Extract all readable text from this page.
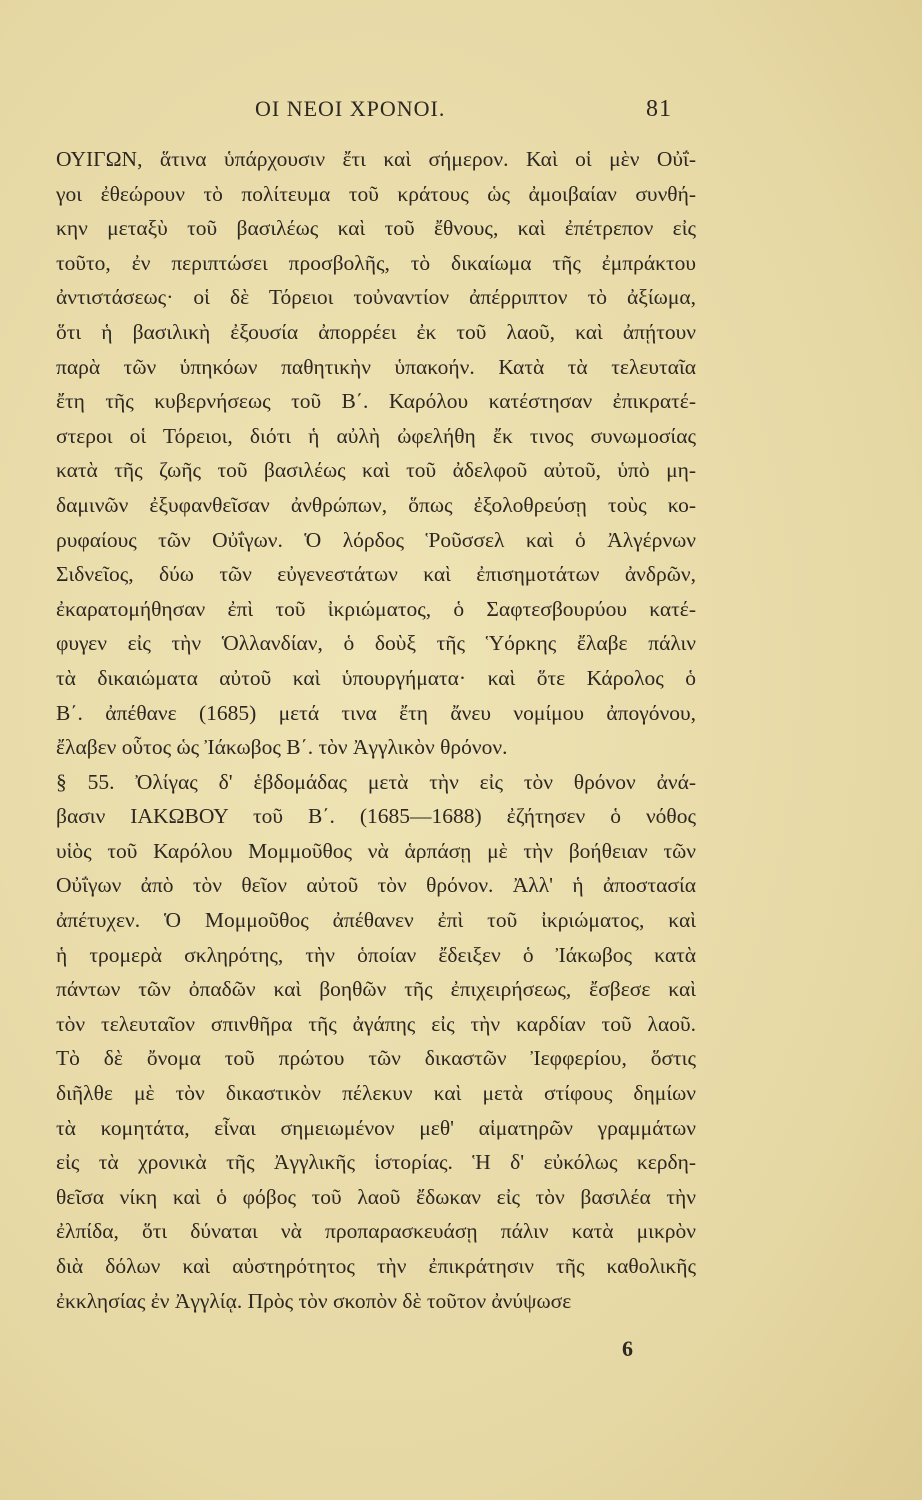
ΟΙ ΝΕΟΙ ΧΡΟΝΟΙ.	81
ΟΥΙΓΩΝ, ἅτινα ὑπάρχουσιν ἔτι καὶ σήμερον. Καὶ οἱ μὲν Οὐΐ-
γοι ἐθεώρουν τὸ πολίτευμα τοῦ κράτους ὡς ἀμοιβαίαν συνθή-
κην μεταξὺ τοῦ βασιλέως καὶ τοῦ ἔθνους, καὶ ἐπέτρεπον εἰς
τοῦτο, ἐν περιπτώσει προσβολῆς, τὸ δικαίωμα τῆς ἐμπράκτου
ἀντιστάσεως· οἱ δὲ Τόρειοι τοὐναντίον ἀπέρριπτον τὸ ἀξίωμα,
ὅτι ἡ βασιλικὴ ἐξουσία ἀπορρέει ἐκ τοῦ λαοῦ, καὶ ἀπῄτουν
παρὰ τῶν ὑπηκόων παθητικὴν ὑπακοήν. Κατὰ τὰ τελευταῖα
ἔτη τῆς κυβερνήσεως τοῦ Β΄. Καρόλου κατέστησαν ἐπικρατέ-
στεροι οἱ Τόρειοι, διότι ἡ αὐλὴ ὠφελήθη ἔκ τινος συνωμοσίας
κατὰ τῆς ζωῆς τοῦ βασιλέως καὶ τοῦ ἀδελφοῦ αὐτοῦ, ὑπὸ μη-
δαμινῶν ἐξυφανθεῖσαν ἀνθρώπων, ὅπως ἐξολοθρεύσῃ τοὺς κο-
ρυφαίους τῶν Οὐΐγων. Ὁ λόρδος Ῥοῦσσελ καὶ ὁ Ἀλγέρνων
Σιδνεῖος, δύω τῶν εὐγενεστάτων καὶ ἐπισημοτάτων ἀνδρῶν,
ἐκαρατομήθησαν ἐπὶ τοῦ ἰκριώματος, ὁ Σαφτεσβουρύου κατέ-
φυγεν εἰς τὴν Ὁλλανδίαν, ὁ δοὺξ τῆς Ὑόρκης ἔλαβε πάλιν
τὰ δικαιώματα αὐτοῦ καὶ ὑπουργήματα· καὶ ὅτε Κάρολος ὁ
Β΄. ἀπέθανε (1685) μετά τινα ἔτη ἄνευ νομίμου ἀπογόνου,
ἔλαβεν οὗτος ὡς Ἰάκωβος Β΄. τὸν Ἀγγλικὸν θρόνον.
§ 55. Ὀλίγας δ' ἑβδομάδας μετὰ τὴν εἰς τὸν θρόνον ἀνά-
βασιν ΙΑΚΩΒΟΥ τοῦ Β΄. (1685—1688) ἐζήτησεν ὁ νόθος
υἱὸς τοῦ Καρόλου Μομμοῦθος νὰ ἁρπάσῃ μὲ τὴν βοήθειαν τῶν
Οὐΐγων ἀπὸ τὸν θεῖον αὐτοῦ τὸν θρόνον. Ἀλλ' ἡ ἀποστασία
ἀπέτυχεν. Ὁ Μομμοῦθος ἀπέθανεν ἐπὶ τοῦ ἰκριώματος, καὶ
ἡ τρομερὰ σκληρότης, τὴν ὁποίαν ἔδειξεν ὁ Ἰάκωβος κατὰ
πάντων τῶν ὀπαδῶν καὶ βοηθῶν τῆς ἐπιχειρήσεως, ἔσβεσε καὶ
τὸν τελευταῖον σπινθῆρα τῆς ἀγάπης εἰς τὴν καρδίαν τοῦ λαοῦ.
Τὸ δὲ ὄνομα τοῦ πρώτου τῶν δικαστῶν Ἰεφφερίου, ὅστις
διῆλθε μὲ τὸν δικαστικὸν πέλεκυν καὶ μετὰ στίφους δημίων
τὰ κομητάτα, εἶναι σημειωμένον μεθ' αἱματηρῶν γραμμάτων
εἰς τὰ χρονικὰ τῆς Ἀγγλικῆς ἱστορίας. Ἡ δ' εὐκόλως κερδη-
θεῖσα νίκη καὶ ὁ φόβος τοῦ λαοῦ ἔδωκαν εἰς τὸν βασιλέα τὴν
ἐλπίδα, ὅτι δύναται νὰ προπαρασκευάσῃ πάλιν κατὰ μικρὸν
διὰ δόλων καὶ αὐστηρότητος τὴν ἐπικράτησιν τῆς καθολικῆς
ἐκκλησίας ἐν Ἀγγλίᾳ. Πρὸς τὸν σκοπὸν δὲ τοῦτον ἀνύψωσε
6
